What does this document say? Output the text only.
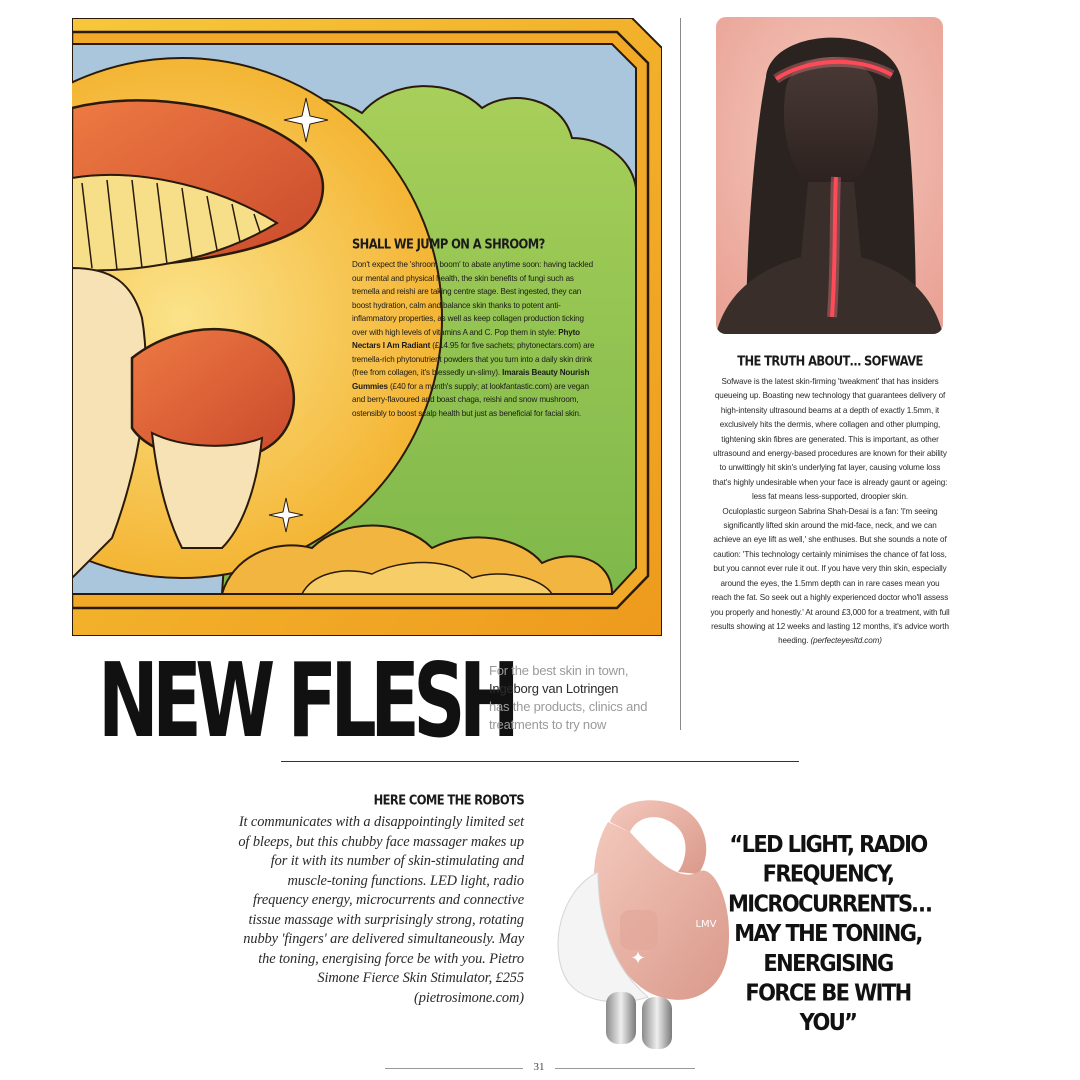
SHALL WE JUMP ON A SHROOM?

Don't expect the 'shroom boom' to abate anytime soon: having tackled our mental and physical health, the skin benefits of fungi such as tremella and reishi are taking centre stage. Best ingested, they can boost hydration, calm and balance skin thanks to potent anti-inflammatory properties, as well as keep collagen production ticking over with high levels of vitamins A and C. Pop them in style: Phyto Nectars I Am Radiant (£14.95 for five sachets; phytonectars.com) are tremella-rich phytonutrient powders that you turn into a daily skin drink (free from collagen, it's blessedly un-slimy). Imarais Beauty Nourish Gummies (£40 for a month's supply; at lookfantastic.com) are vegan and berry-flavoured and boast chaga, reishi and snow mushroom, ostensibly to boost scalp health but just as beneficial for facial skin.

THE TRUTH ABOUT… SOFWAVE

Sofwave is the latest skin-firming 'tweakment' that has insiders queueing up. Boasting new technology that guarantees delivery of high-intensity ultrasound beams at a depth of exactly 1.5mm, it exclusively hits the dermis, where collagen and other plumping, tightening skin fibres are generated. This is important, as other ultrasound and energy-based procedures are known for their ability to unwittingly hit skin's underlying fat layer, causing volume loss that's highly undesirable when your face is already gaunt or ageing: less fat means less-supported, droopier skin.

Oculoplastic surgeon Sabrina Shah-Desai is a fan: 'I'm seeing significantly lifted skin around the mid-face, neck, and we can achieve an eye lift as well,' she enthuses. But she sounds a note of caution: 'This technology certainly minimises the chance of fat loss, but you cannot ever rule it out. If you have very thin skin, especially around the eyes, the 1.5mm depth can in rare cases mean you reach the fat. So seek out a highly experienced doctor who'll assess you properly and honestly.' At around £3,000 for a treatment, with full results showing at 12 weeks and lasting 12 months, it's advice worth heeding. (perfecteyesltd.com)

NEW FLESH
For the best skin in town,
Ingeborg van Lotringen
has the products, clinics and treatments to try now
HERE COME THE ROBOTS

It communicates with a disappointingly limited set of bleeps, but this chubby face massager makes up for it with its number of skin-stimulating and muscle-toning functions. LED light, radio frequency energy, microcurrents and connective tissue massage with surprisingly strong, rotating nubby 'fingers' are delivered simultaneously. May the toning, energising force be with you. Pietro Simone Fierce Skin Stimulator, £255 (pietrosimone.com)

✦
LMV
“LED LIGHT, RADIO FREQUENCY, MICROCURRENTS… MAY THE TONING, ENERGISING FORCE BE WITH YOU”
31
